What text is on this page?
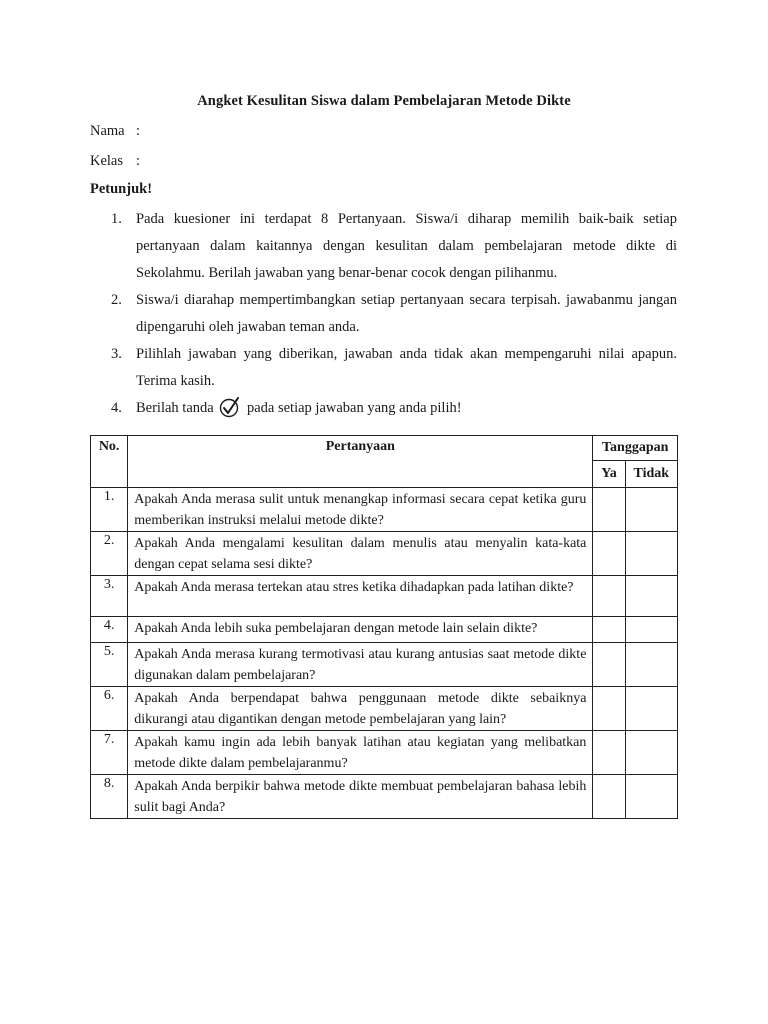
Angket Kesulitan Siswa dalam Pembelajaran Metode Dikte
Nama :
Kelas :
Petunjuk!
1. Pada kuesioner ini terdapat 8 Pertanyaan. Siswa/i diharap memilih baik-baik setiap pertanyaan dalam kaitannya dengan kesulitan dalam pembelajaran metode dikte di Sekolahmu. Berilah jawaban yang benar-benar cocok dengan pilihanmu.
2. Siswa/i diarahap mempertimbangkan setiap pertanyaan secara terpisah. jawabanmu jangan dipengaruhi oleh jawaban teman anda.
3. Pilihlah jawaban yang diberikan, jawaban anda tidak akan mempengaruhi nilai apapun. Terima kasih.
4. Berilah tanda pada setiap jawaban yang anda pilih!
No.	Pertanyaan	Tanggapan	
		Ya	Tidak
1.	Apakah Anda merasa sulit untuk menangkap informasi secara cepat ketika guru memberikan instruksi melalui metode dikte?		
2.	Apakah Anda mengalami kesulitan dalam menulis atau menyalin kata-kata dengan cepat selama sesi dikte?		
3.	Apakah Anda merasa tertekan atau stres ketika dihadapkan pada latihan dikte?		
4.	Apakah Anda lebih suka pembelajaran dengan metode lain selain dikte?		
5.	Apakah Anda merasa kurang termotivasi atau kurang antusias saat metode dikte digunakan dalam pembelajaran?		
6.	Apakah Anda berpendapat bahwa penggunaan metode dikte sebaiknya dikurangi atau digantikan dengan metode pembelajaran yang lain?		
7.	Apakah kamu ingin ada lebih banyak latihan atau kegiatan yang melibatkan metode dikte dalam pembelajaranmu?		
8.	Apakah Anda berpikir bahwa metode dikte membuat pembelajaran bahasa lebih sulit bagi Anda?		
